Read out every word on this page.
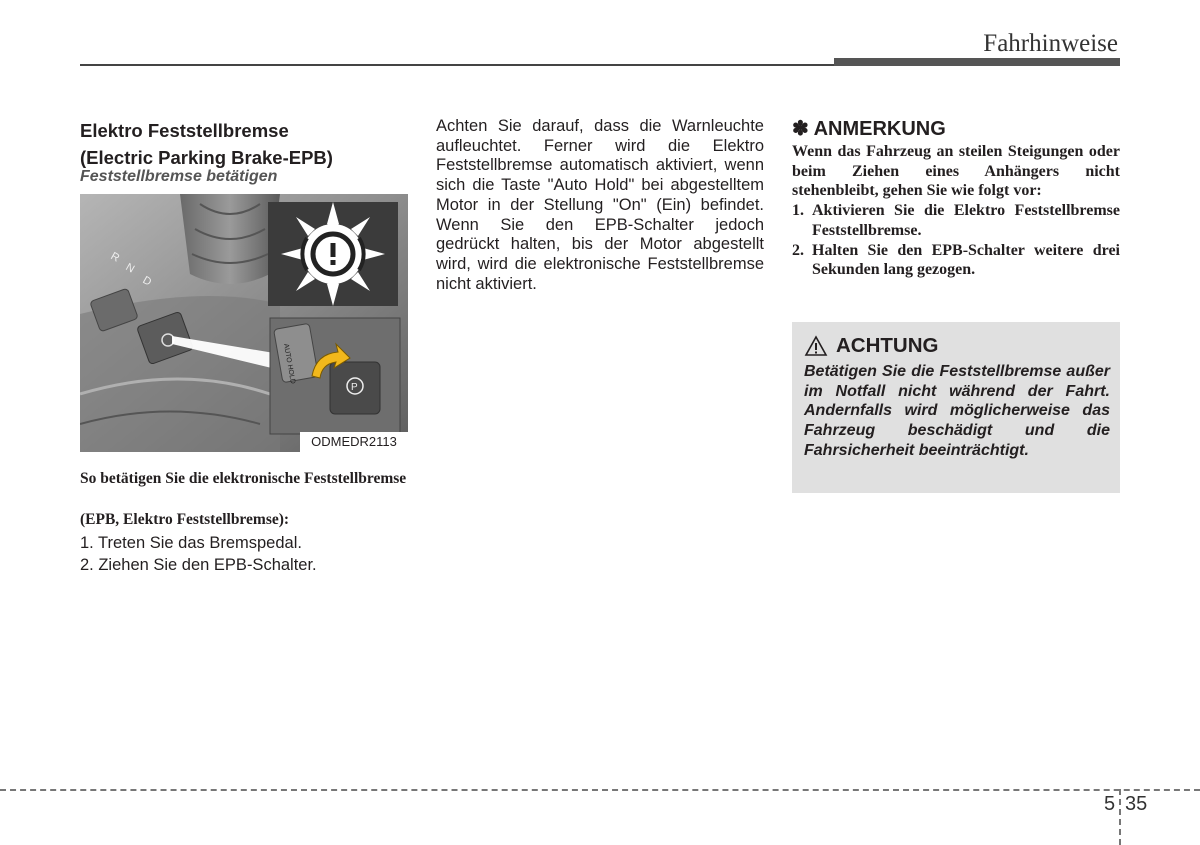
Fahrhinweise
Elektro Feststellbremse
(Electric Parking Brake-EPB)
Feststellbremse betätigen
R
N
D
AUTO HOLD
P
ODMEDR2113
So betätigen Sie die elektronische Feststellbremse
(EPB, Elektro Feststellbremse):
1. Treten Sie das Bremspedal.
2. Ziehen Sie den EPB-Schalter.
Achten Sie darauf, dass die Warnleuchte aufleuchtet. Ferner wird die Elektro Feststellbremse automatisch aktiviert, wenn sich die Taste "Auto Hold" bei abgestelltem Motor in der Stellung "On" (Ein) befindet. Wenn Sie den EPB-Schalter jedoch gedrückt halten, bis der Motor abgestellt wird, wird die elektronische Feststellbremse nicht aktiviert.
✽ ANMERKUNG
Wenn das Fahrzeug an steilen Steigungen oder beim Ziehen eines Anhängers nicht stehenbleibt, gehen Sie wie folgt vor:
1. Aktivieren Sie die Elektro Feststellbremse Feststellbremse.
2. Halten Sie den EPB-Schalter weitere drei Sekunden lang gezogen.
ACHTUNG
Betätigen Sie die Feststellbremse außer im Notfall nicht während der Fahrt. Andernfalls wird möglicherweise das Fahrzeug beschädigt und die Fahrsicherheit beeinträchtigt.
5 35
